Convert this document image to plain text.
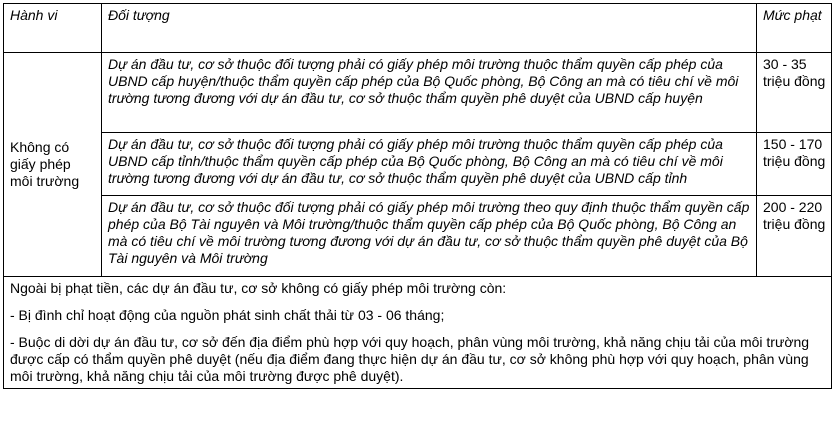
Hành vi	Đối tượng	Mức phạt
Không có giấy phép môi trường	Dự án đầu tư, cơ sở thuộc đối tượng phải có giấy phép môi trường thuộc thẩm quyền cấp phép của UBND cấp huyện/thuộc thẩm quyền cấp phép của Bộ Quốc phòng, Bộ Công an mà có tiêu chí về môi trường tương đương với dự án đầu tư, cơ sở thuộc thẩm quyền phê duyệt của UBND cấp huyện	30 - 35 triệu đồng
	Dự án đầu tư, cơ sở thuộc đối tượng phải có giấy phép môi trường thuộc thẩm quyền cấp phép của UBND cấp tỉnh/thuộc thẩm quyền cấp phép của Bộ Quốc phòng, Bộ Công an mà có tiêu chí về môi trường tương đương với dự án đầu tư, cơ sở thuộc thẩm quyền phê duyệt của UBND cấp tỉnh	150 - 170 triệu đồng
	Dự án đầu tư, cơ sở thuộc đối tượng phải có giấy phép môi trường theo quy định thuộc thẩm quyền cấp phép của Bộ Tài nguyên và Môi trường/thuộc thẩm quyền cấp phép của Bộ Quốc phòng, Bộ Công an mà có tiêu chí về môi trường tương đương với dự án đầu tư, cơ sở thuộc thẩm quyền phê duyệt của Bộ Tài nguyên và Môi trường	200 - 220 triệu đồng

Ngoài bị phạt tiền, các dự án đầu tư, cơ sở không có giấy phép môi trường còn:

- Bị đình chỉ hoạt động của nguồn phát sinh chất thải từ 03 - 06 tháng;

- Buộc di dời dự án đầu tư, cơ sở đến địa điểm phù hợp với quy hoạch, phân vùng môi trường, khả năng chịu tải của môi trường được cấp có thẩm quyền phê duyệt (nếu địa điểm đang thực hiện dự án đầu tư, cơ sở không phù hợp với quy hoạch, phân vùng môi trường, khả năng chịu tải của môi trường được phê duyệt).		
